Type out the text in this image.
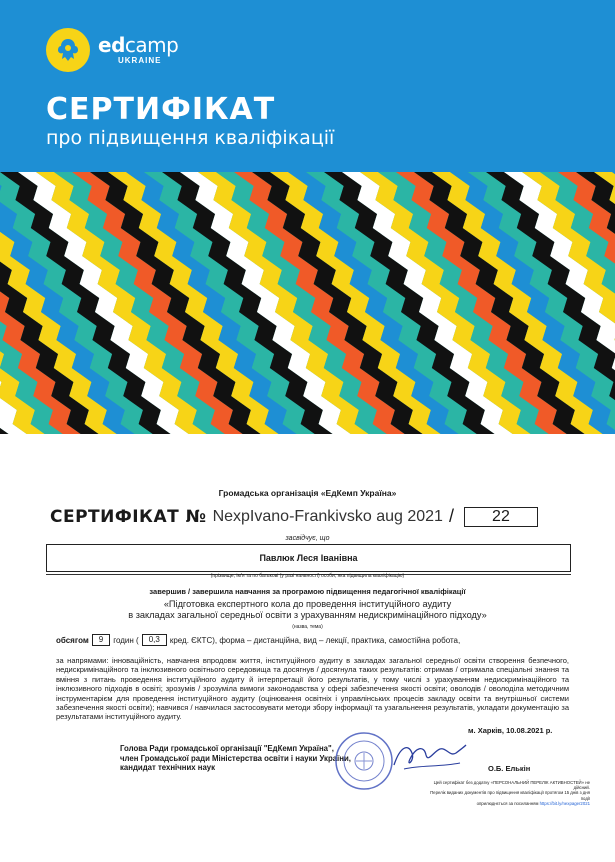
edcamp
UKRAINE
СЕРТИФІКАТ
про підвищення кваліфікації
Громадська організація «ЕдКемп Україна»
СЕРТИФІКАТ № NexpIvano-Frankivsko aug 2021 /	22
засвідчує, що
Павлюк Леся Іванівна
(прізвище, ім'я та по батькові (у разі наявності) особи, яка підвищила кваліфікацію)
завершив / завершила навчання за програмою підвищення педагогічної кваліфікації
«Підготовка експертного кола до проведення інституційного аудиту
в закладах загальної середньої освіти з урахуванням недискримінаційного підходу»
(назва, тема)
обсягом	9	годин (	0,3	кред. ЄКТС), форма – дистанційна, вид – лекції, практика, самостійна робота,
за напрямами: інноваційність, навчання впродовж життя, інституційного аудиту в закладах загальної середньої освіти створення безпечного, недискримінаційного та інклюзивного освітнього середовища та досягнув / досягнула таких результатів: отримав / отримала спеціальні знання та вміння з питань проведення інституційного аудиту й інтерпретації його результатів, у тому числі з урахуванням недискримінаційного та інклюзивного підходів в освіті; зрозумів / зрозуміла вимоги законодавства у сфері забезпечення якості освіти; оволодів / оволоділа методичним інструментарієм для проведення інституційного аудиту (оцінювання освітніх і управлінських процесів закладу освіти та внутрішньої системи забезпечення якості освіти); навчився / навчилася застосовувати методи збору інформації та узагальнення результатів, укладати документацію за результатами інституційного аудиту.
м. Харків, 10.08.2021 р.
Голова Ради громадської організації "ЕдКемп Україна",
член Громадської ради Міністерства освіти і науки України,
кандидат технічних наук	О.Б. Елькін
Цей сертифікат без додатку «ПЕРСОНАЛЬНИЙ ПЕРЕЛІК АКТИВНОСТЕЙ» не дійсний.
Перелік виданих документів про підвищення кваліфікації протягом 15 днів з дня події
оприлюднється за посиланням https://bit.ly/nexpager2021
